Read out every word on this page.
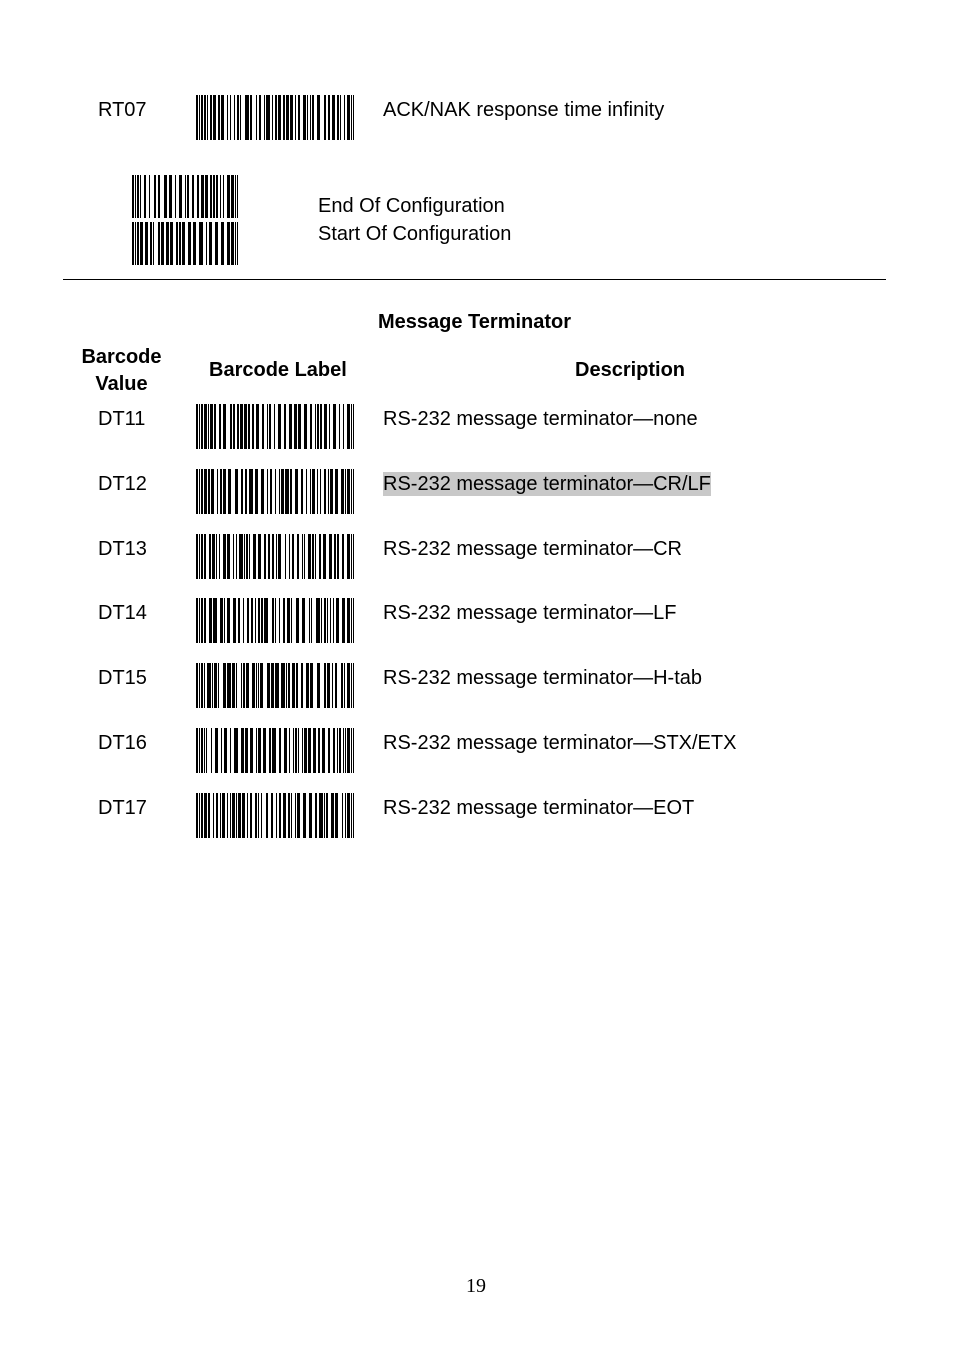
RT07	ACK/NAK response time infinity
End Of Configuration
Start Of Configuration
Message Terminator
Barcode
Value
Barcode Label	Description
DT11	RS-232 message terminator—none
DT12	RS-232 message terminator—CR/LF
DT13	RS-232 message terminator—CR
DT14	RS-232 message terminator—LF
DT15	RS-232 message terminator—H-tab
DT16	RS-232 message terminator—STX/ETX
DT17	RS-232 message terminator—EOT
19
